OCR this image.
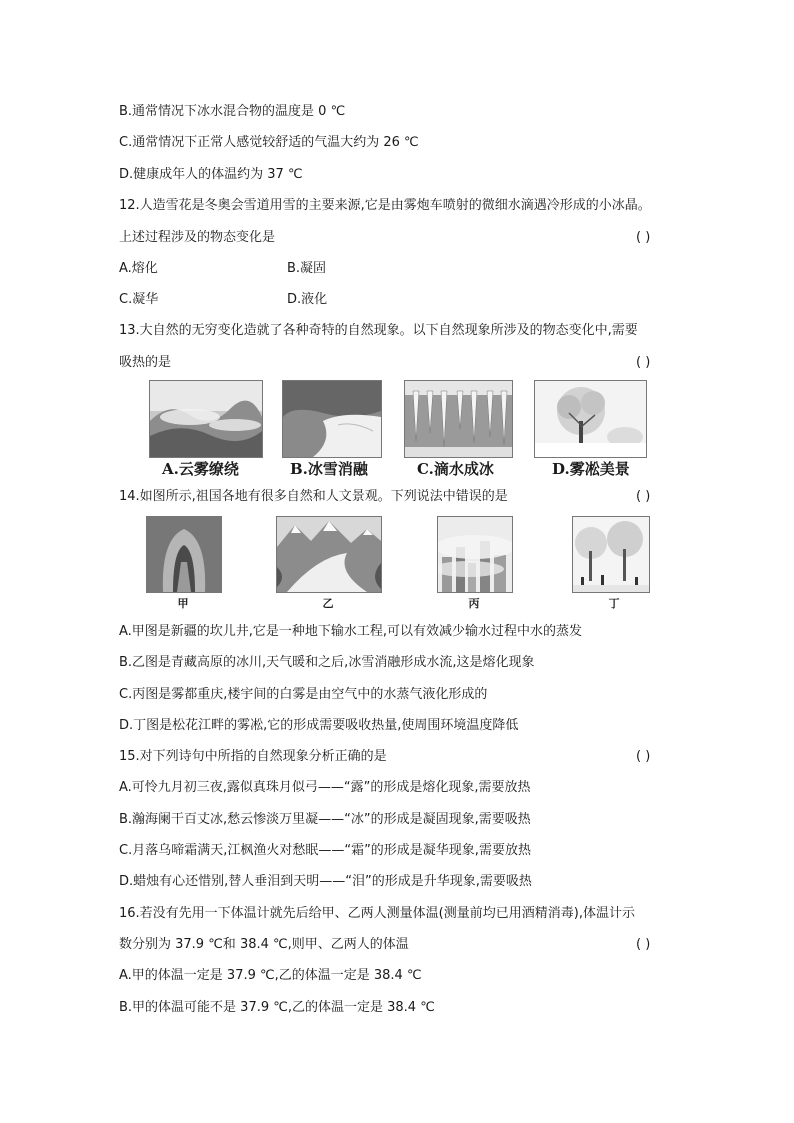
B.通常情况下冰水混合物的温度是 0 ℃
C.通常情况下正常人感觉较舒适的气温大约为 26 ℃
D.健康成年人的体温约为 37 ℃
12.人造雪花是冬奥会雪道用雪的主要来源,它是由雾炮车喷射的微细水滴遇冷形成的小冰晶。
上述过程涉及的物态变化是	( )
A.熔化	B.凝固
C.凝华	D.液化
13.大自然的无穷变化造就了各种奇特的自然现象。以下自然现象所涉及的物态变化中,需要
吸热的是	( )
A.云雾缭绕	B.冰雪消融	C.滴水成冰	D.雾凇美景
14.如图所示,祖国各地有很多自然和人文景观。下列说法中错误的是	( )
甲	乙	丙	丁
A.甲图是新疆的坎儿井,它是一种地下输水工程,可以有效减少输水过程中水的蒸发
B.乙图是青藏高原的冰川,天气暖和之后,冰雪消融形成水流,这是熔化现象
C.丙图是雾都重庆,楼宇间的白雾是由空气中的水蒸气液化形成的
D.丁图是松花江畔的雾凇,它的形成需要吸收热量,使周围环境温度降低
15.对下列诗句中所指的自然现象分析正确的是	( )
A.可怜九月初三夜,露似真珠月似弓——“露”的形成是熔化现象,需要放热
B.瀚海阑干百丈冰,愁云惨淡万里凝——“冰”的形成是凝固现象,需要吸热
C.月落乌啼霜满天,江枫渔火对愁眠——“霜”的形成是凝华现象,需要放热
D.蜡烛有心还惜别,替人垂泪到天明——“泪”的形成是升华现象,需要吸热
16.若没有先用一下体温计就先后给甲、乙两人测量体温(测量前均已用酒精消毒),体温计示
数分别为 37.9 ℃和 38.4 ℃,则甲、乙两人的体温	( )
A.甲的体温一定是 37.9 ℃,乙的体温一定是 38.4 ℃
B.甲的体温可能不是 37.9 ℃,乙的体温一定是 38.4 ℃
